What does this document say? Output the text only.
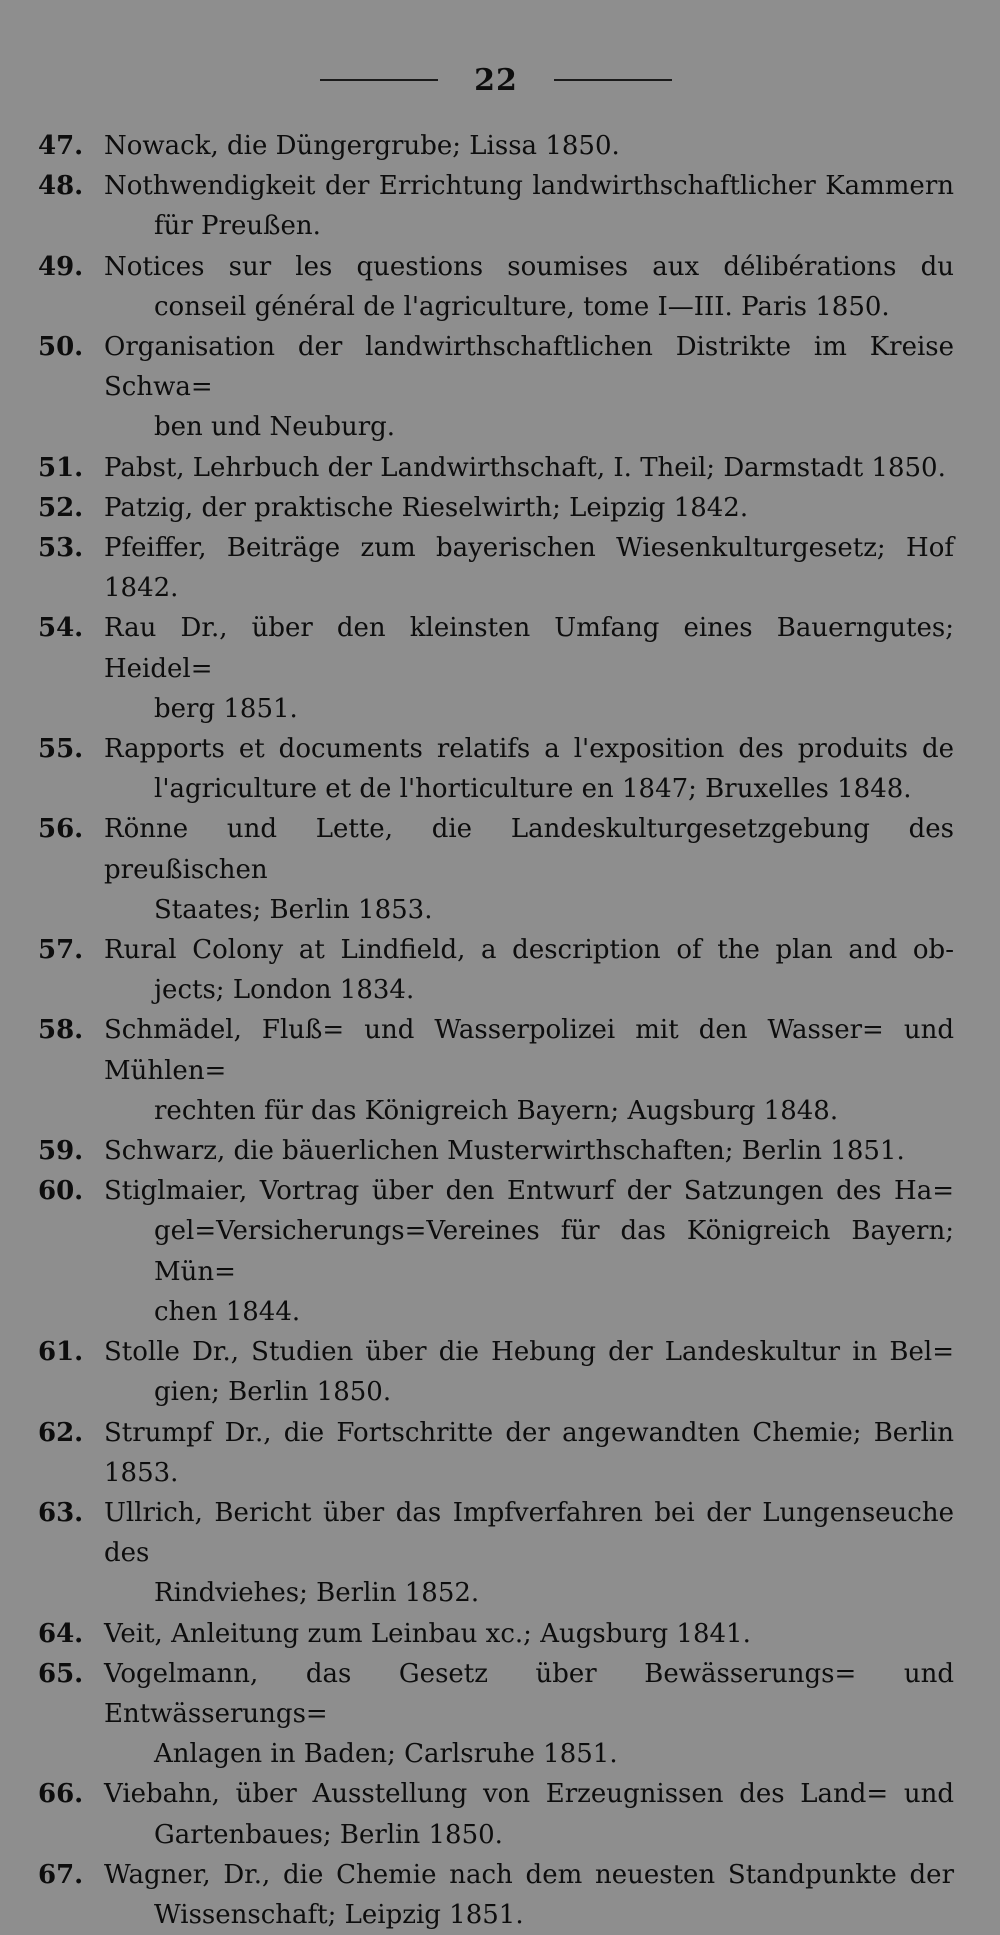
22
47. Nowack, die Düngergrube; Lissa 1850.
48. Nothwendigkeit der Errichtung landwirthschaftlicher Kammern
für Preußen.
49. Notices sur les questions soumises aux délibérations du
conseil général de l'agriculture, tome I—III. Paris 1850.
50. Organisation der landwirthschaftlichen Distrikte im Kreise Schwa=
ben und Neuburg.
51. Pabst, Lehrbuch der Landwirthschaft, I. Theil; Darmstadt 1850.
52. Patzig, der praktische Rieselwirth; Leipzig 1842.
53. Pfeiffer, Beiträge zum bayerischen Wiesenkulturgesetz; Hof 1842.
54. Rau Dr., über den kleinsten Umfang eines Bauerngutes; Heidel=
berg 1851.
55. Rapports et documents relatifs a l'exposition des produits de
l'agriculture et de l'horticulture en 1847; Bruxelles 1848.
56. Rönne und Lette, die Landeskulturgesetzgebung des preußischen
Staates; Berlin 1853.
57. Rural Colony at Lindfield, a description of the plan and ob-
jects; London 1834.
58. Schmädel, Fluß= und Wasserpolizei mit den Wasser= und Mühlen=
rechten für das Königreich Bayern; Augsburg 1848.
59. Schwarz, die bäuerlichen Musterwirthschaften; Berlin 1851.
60. Stiglmaier, Vortrag über den Entwurf der Satzungen des Ha=
gel=Versicherungs=Vereines für das Königreich Bayern; Mün=
chen 1844.
61. Stolle Dr., Studien über die Hebung der Landeskultur in Bel=
gien; Berlin 1850.
62. Strumpf Dr., die Fortschritte der angewandten Chemie; Berlin 1853.
63. Ullrich, Bericht über das Impfverfahren bei der Lungenseuche des
Rindviehes; Berlin 1852.
64. Veit, Anleitung zum Leinbau xc.; Augsburg 1841.
65. Vogelmann, das Gesetz über Bewässerungs= und Entwässerungs=
Anlagen in Baden; Carlsruhe 1851.
66. Viebahn, über Ausstellung von Erzeugnissen des Land= und
Gartenbaues; Berlin 1850.
67. Wagner, Dr., die Chemie nach dem neuesten Standpunkte der
Wissenschaft; Leipzig 1851.
